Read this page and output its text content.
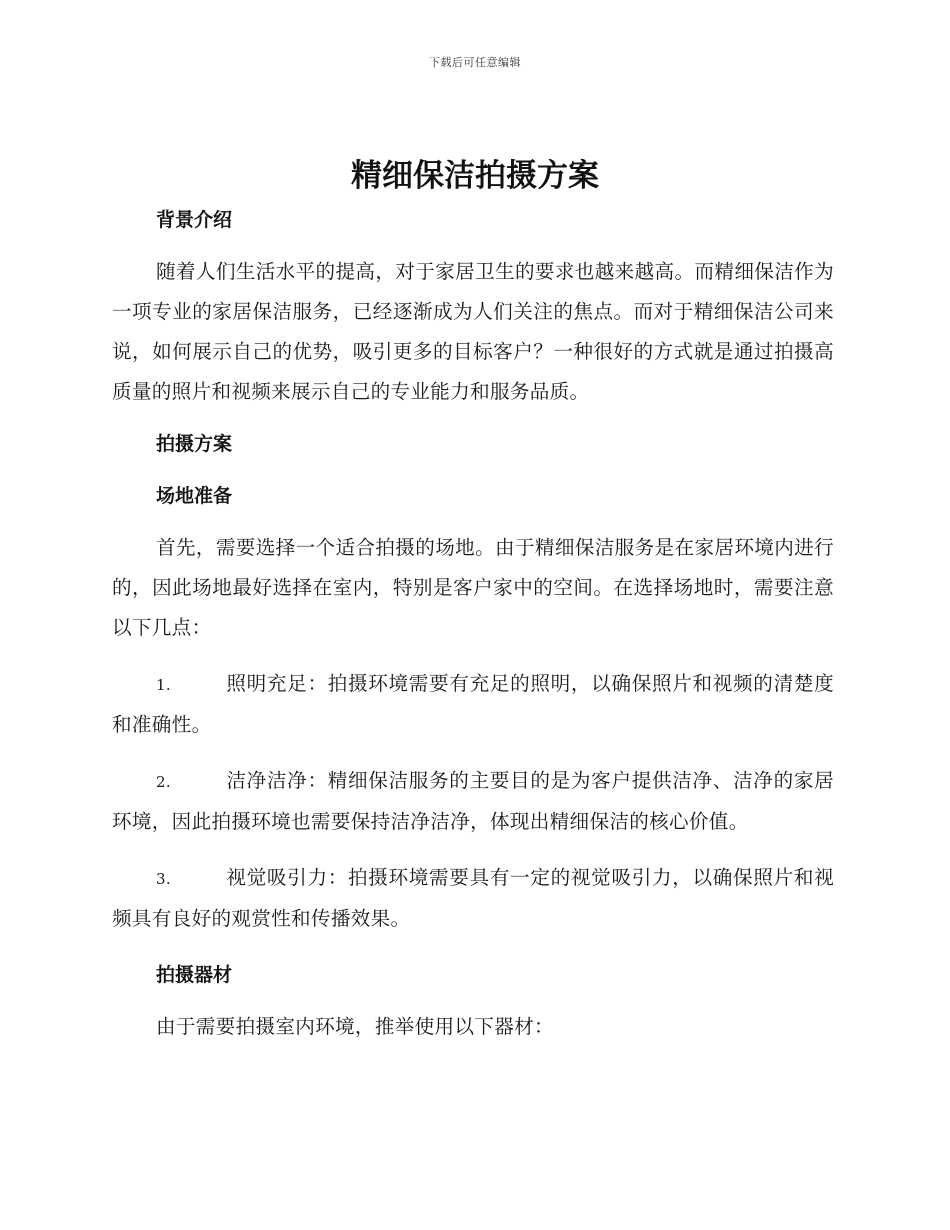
下载后可任意编辑
精细保洁拍摄方案

背景介绍

随着人们生活水平的提高，对于家居卫生的要求也越来越高。而精细保洁作为一项专业的家居保洁服务，已经逐渐成为人们关注的焦点。而对于精细保洁公司来说，如何展示自己的优势，吸引更多的目标客户？一种很好的方式就是通过拍摄高质量的照片和视频来展示自己的专业能力和服务品质。

拍摄方案

场地准备

首先，需要选择一个适合拍摄的场地。由于精细保洁服务是在家居环境内进行的，因此场地最好选择在室内，特别是客户家中的空间。在选择场地时，需要注意以下几点：

1.	照明充足：拍摄环境需要有充足的照明，以确保照片和视频的清楚度和准确性。

2.	洁净洁净：精细保洁服务的主要目的是为客户提供洁净、洁净的家居环境，因此拍摄环境也需要保持洁净洁净，体现出精细保洁的核心价值。

3.	视觉吸引力：拍摄环境需要具有一定的视觉吸引力，以确保照片和视频具有良好的观赏性和传播效果。

拍摄器材

由于需要拍摄室内环境，推举使用以下器材：
